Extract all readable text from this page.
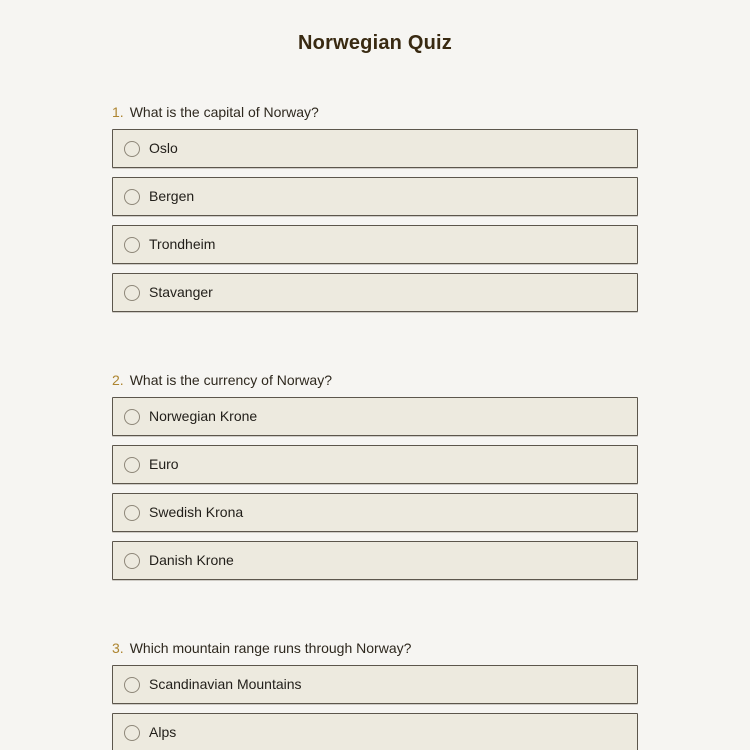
Norwegian Quiz
1. What is the capital of Norway?
Oslo
Bergen
Trondheim
Stavanger
2. What is the currency of Norway?
Norwegian Krone
Euro
Swedish Krona
Danish Krone
3. Which mountain range runs through Norway?
Scandinavian Mountains
Alps
